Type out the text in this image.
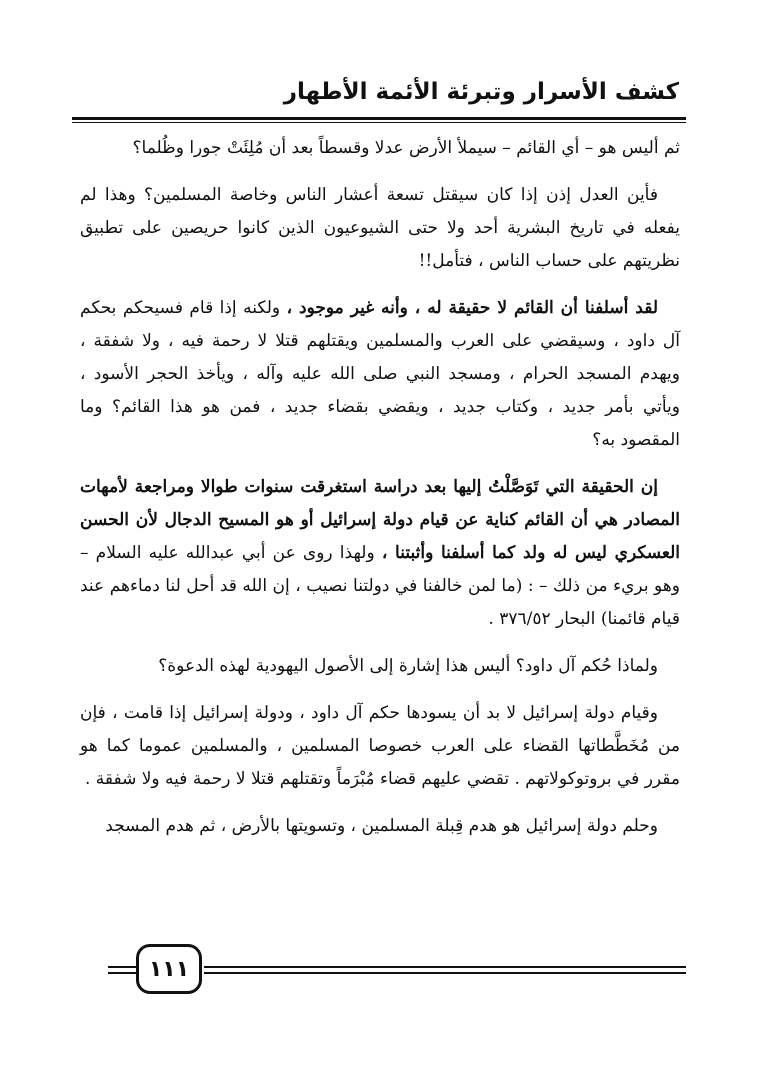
كشف الأسرار وتبرئة الأئمة الأطهار

ثم أليس هو – أي القائم – سيملأ الأرض عدلا وقسطاً بعد أن مُلِئَتْ جورا وظُلما؟

فأين العدل إذن إذا كان سيقتل تسعة أعشار الناس وخاصة المسلمين؟ وهذا لم يفعله في تاريخ البشرية أحد ولا حتى الشيوعيون الذين كانوا حريصين على تطبيق نظريتهم على حساب الناس ، فتأمل!!

لقد أسلفنا أن القائم لا حقيقة له ، وأنه غير موجود ، ولكنه إذا قام فسيحكم بحكم آل داود ، وسيقضي على العرب والمسلمين ويقتلهم قتلا لا رحمة فيه ، ولا شفقة ، ويهدم المسجد الحرام ، ومسجد النبي صلى الله عليه وآله ، ويأخذ الحجر الأسود ، ويأتي بأمر جديد ، وكتاب جديد ، ويقضي بقضاء جديد ، فمن هو هذا القائم؟ وما المقصود به؟

إن الحقيقة التي تَوَصَّلْتُ إليها بعد دراسة استغرقت سنوات طوالا ومراجعة لأمهات المصادر هي أن القائم كناية عن قيام دولة إسرائيل أو هو المسيح الدجال لأن الحسن العسكري ليس له ولد كما أسلفنا وأثبتنا ، ولهذا روى عن أبي عبدالله عليه السلام – وهو بريء من ذلك – : (ما لمن خالفنا في دولتنا نصيب ، إن الله قد أحل لنا دماءهم عند قيام قائمنا) البحار ٣٧٦/٥٢ .

ولماذا حُكم آل داود؟ أليس هذا إشارة إلى الأصول اليهودية لهذه الدعوة؟

وقيام دولة إسرائيل لا بد أن يسودها حكم آل داود ، ودولة إسرائيل إذا قامت ، فإن من مُخَطَّطاتها القضاء على العرب خصوصا المسلمين ، والمسلمين عموما كما هو مقرر في بروتوكولاتهم . تقضي عليهم قضاء مُبْرَماً وتقتلهم قتلا لا رحمة فيه ولا شفقة .

وحلم دولة إسرائيل هو هدم قِبلة المسلمين ، وتسويتها بالأرض ، ثم هدم المسجد

١١١
